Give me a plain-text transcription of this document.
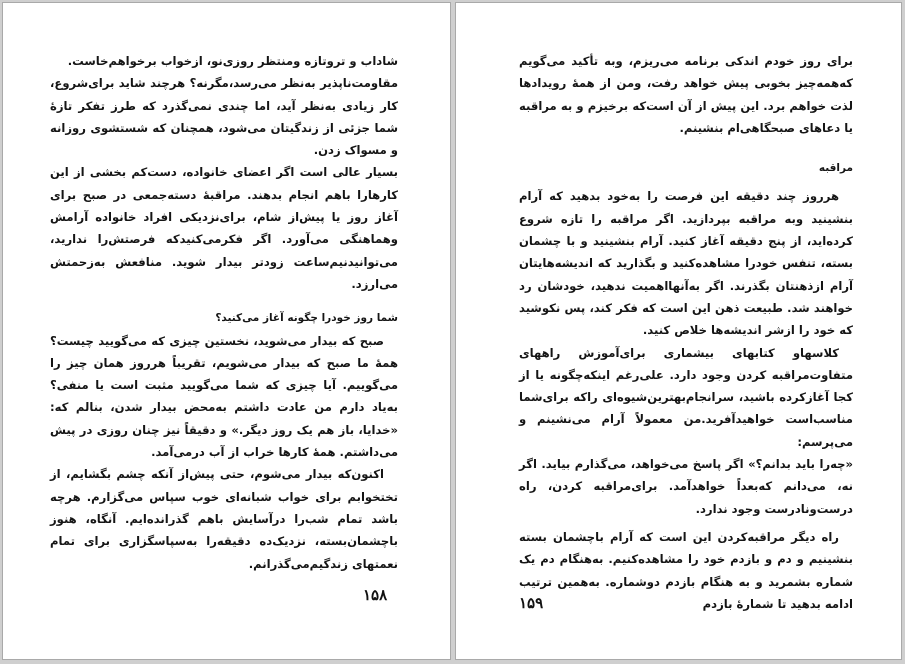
شاداب و تروتازه ومنتظر روزی‌نو، ازخواب برخواهم‌خاست.

مقاومت‌ناپذیر به‌نظر می‌رسد،مگرنه؟ هرچند شاید برای‌شروع، کار زیادی به‌نظر آید، اما چندی نمی‌گذرد که طرز تفکر تازهٔ شما جزئی از زندگیتان می‌شود، همچنان که شستشوی روزانه و مسواک زدن.

بسیار عالی است اگر اعضای خانواده، دست‌کم بخشی از این کارهارا باهم انجام بدهند. مراقبهٔ دسته‌جمعی در صبح برای آغاز روز یا پیش‌از شام، برای‌نزدیکی افراد خانواده آرامش وهماهنگی می‌آورد. اگر فکرمی‌کنیدکه فرصتش‌را ندارید، می‌توانیدنیم‌ساعت زودتر بیدار شوید. منافعش به‌زحمتش می‌ارزد.

شما روز خودرا چگونه آغاز می‌کنید؟

صبح که بیدار می‌شوید، نخستین چیزی که می‌گویید چیست؟ همهٔ ما صبح که بیدار می‌شویم، تقریباً هرروز همان چیز را می‌گوییم. آیا چیزی که شما می‌گویید مثبت است یا منفی؟ به‌یاد دارم من عادت داشتم به‌محض بیدار شدن، بنالم که: «خدایا، باز هم یک روز دیگر.» و دقیقاً نیز چنان روزی در پیش می‌داشتم. همهٔ کارها خراب از آب درمی‌آمد.

اکنون‌که بیدار می‌شوم، حتی پیش‌از آنکه چشم بگشایم، از تختخوابم برای خواب شبانه‌ای خوب سپاس می‌گزارم. هرچه باشد تمام شب‌را درآسایش باهم گذرانده‌ایم. آنگاه، هنوز باچشمان‌بسته، نزدیک‌ده دقیقه‌را به‌سپاسگزاری برای تمام نعمتهای زندگیم‌می‌گذرانم.

۱۵۸

برای روز خودم اندکی برنامه می‌ریزم، وبه تأکید می‌گویم که‌همه‌چیز بخوبی پیش خواهد رفت، ومن از همهٔ رویدادها لذت خواهم برد. این پیش از آن است‌که برخیزم و به مراقبه یا دعاهای صبحگاهی‌ام بنشینم.

مراقبه

هرروز چند دقیقه این فرصت را به‌خود بدهید که آرام بنشینید وبه مراقبه بپردازید. اگر مراقبه را تازه شروع کرده‌اید، از پنج دقیقه آغاز کنید. آرام بنشینید و با چشمان بسته، تنفس خودرا مشاهده‌کنید و بگذارید که اندیشه‌هایتان آرام ازذهنتان بگذرند. اگر به‌آنهااهمیت ندهید، خودشان رد خواهند شد. طبیعت ذهن این است که فکر کند، پس نکوشید که خود را ازشر اندیشه‌ها خلاص کنید.

کلاسهاو کتابهای بیشماری برای‌آموزش راههای متفاوت‌مراقبه کردن وجود دارد. علی‌رغم اینکه‌چگونه یا از کجا آغازکرده باشید، سرانجام‌بهترین‌شیوه‌ای راکه برای‌شما مناسب‌است خواهیدآفرید.من معمولاً آرام می‌نشینم و می‌پرسم:

«چه‌را باید بدانم؟» اگر پاسخ می‌خواهد، می‌گذارم بیاید. اگر نه، می‌دانم که‌بعداً خواهد‌آمد. برای‌مراقبه کردن، راه درست‌ونادرست وجود ندارد.

راه دیگر مراقبه‌کردن این است که آرام باچشمان بسته بنشینیم و دم و بازدم خود را مشاهده‌کنیم. به‌هنگام دم یک شماره بشمرید و به هنگام بازدم دوشماره. به‌همین ترتیب ادامه بدهید تا شمارهٔ بازدم

۱۵۹
